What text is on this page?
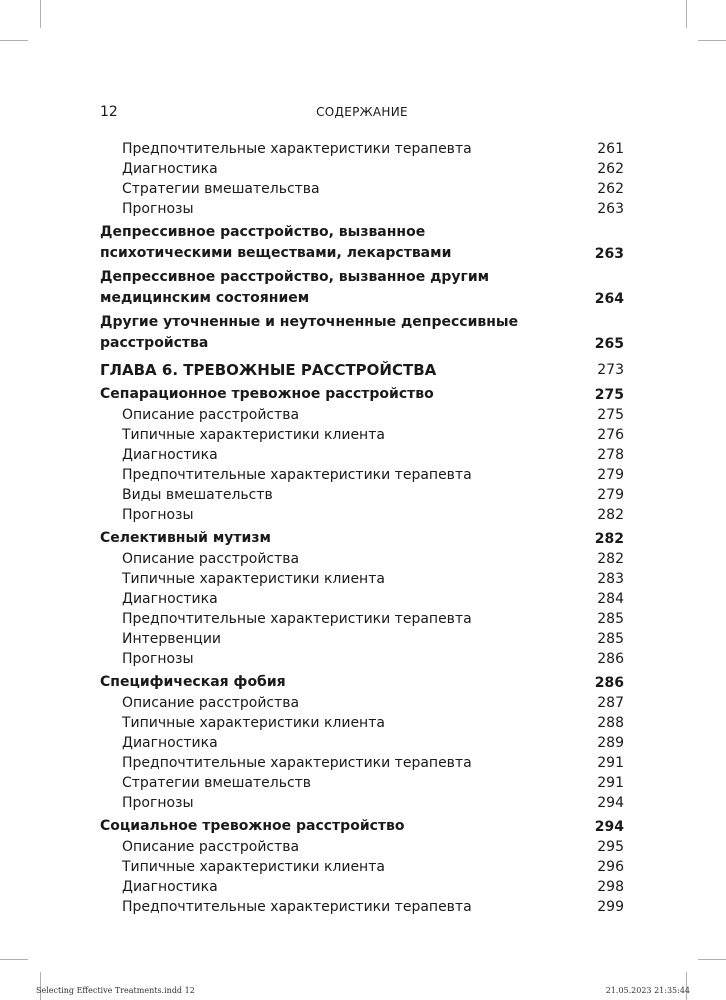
12	СОДЕРЖАНИЕ
Предпочтительные характеристики терапевта	261
Диагностика	262
Стратегии вмешательства	262
Прогнозы	263
Депрессивное расстройство, вызванное психотическими веществами, лекарствами	263
Депрессивное расстройство, вызванное другим медицинским состоянием	264
Другие уточненные и неуточненные депрессивные расстройства	265
ГЛАВА 6. ТРЕВОЖНЫЕ РАССТРОЙСТВА	273
Сепарационное тревожное расстройство	275
Описание расстройства	275
Типичные характеристики клиента	276
Диагностика	278
Предпочтительные характеристики терапевта	279
Виды вмешательств	279
Прогнозы	282
Селективный мутизм	282
Описание расстройства	282
Типичные характеристики клиента	283
Диагностика	284
Предпочтительные характеристики терапевта	285
Интервенции	285
Прогнозы	286
Специфическая фобия	286
Описание расстройства	287
Типичные характеристики клиента	288
Диагностика	289
Предпочтительные характеристики терапевта	291
Стратегии вмешательств	291
Прогнозы	294
Социальное тревожное расстройство	294
Описание расстройства	295
Типичные характеристики клиента	296
Диагностика	298
Предпочтительные характеристики терапевта	299
Selecting Effective Treatments.indd 12	21.05.2023 21:35:44
